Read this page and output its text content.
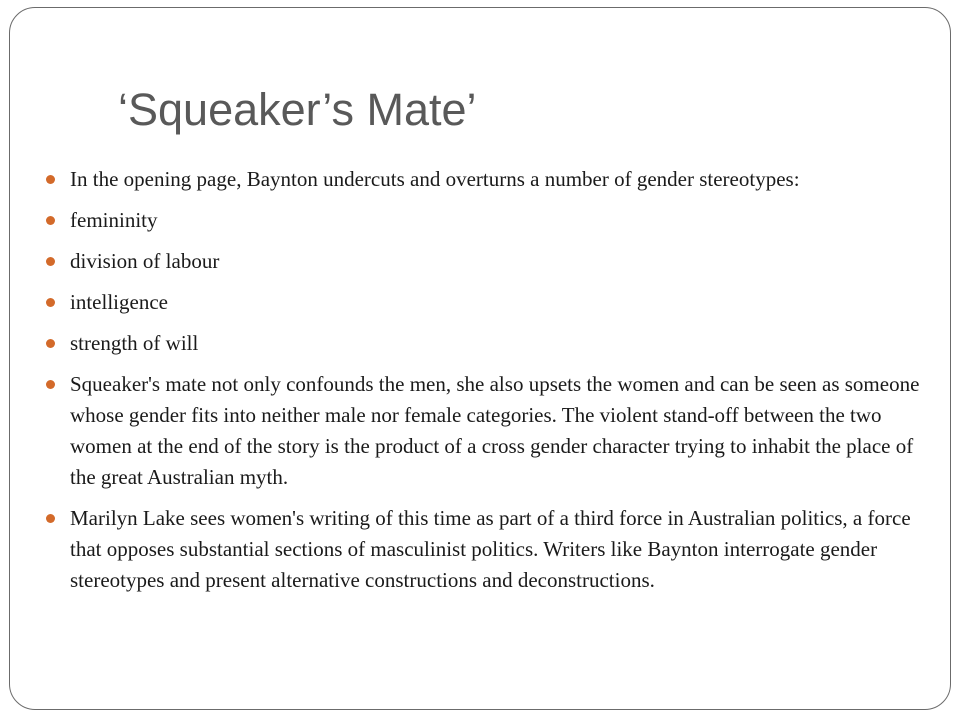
‘Squeaker’s Mate’
In the opening page, Baynton undercuts and overturns a number of gender stereotypes:
femininity
division of labour
intelligence
strength of will
Squeaker's mate not only confounds the men, she also upsets the women and can be seen as someone whose gender fits into neither male nor female categories. The violent stand-off between the two women at the end of the story is the product of a cross gender character trying to inhabit the place of the great Australian myth.
Marilyn Lake sees women's writing of this time as part of a third force in Australian politics, a force that opposes substantial sections of masculinist politics. Writers like Baynton interrogate gender stereotypes and present alternative constructions and deconstructions.
